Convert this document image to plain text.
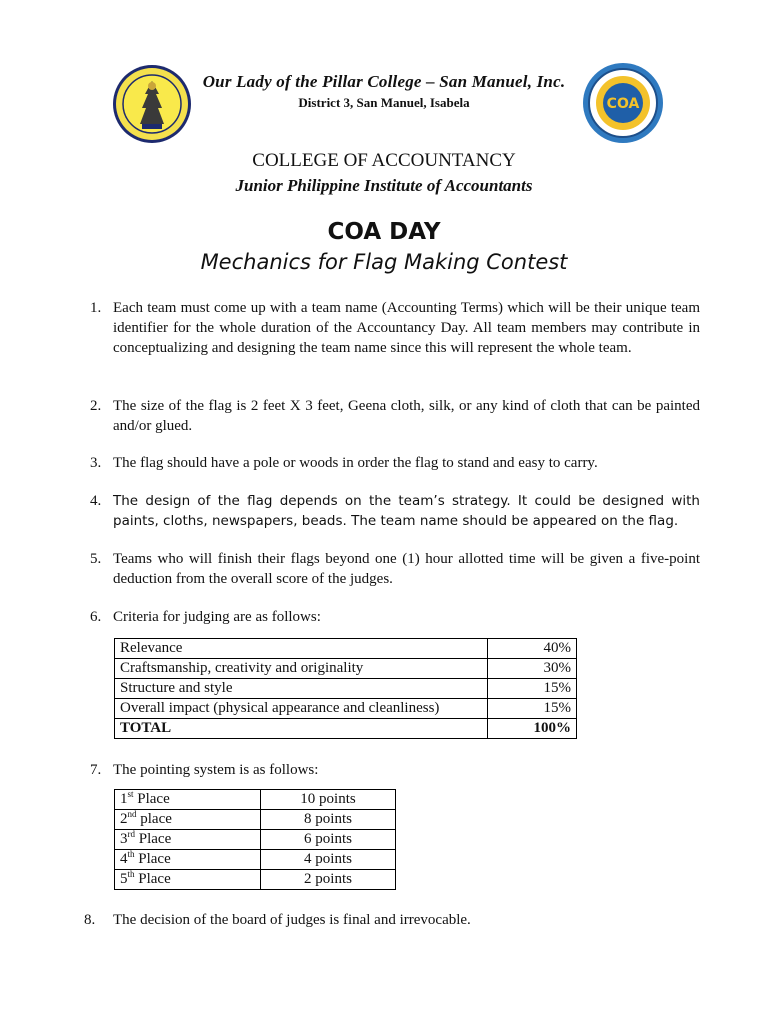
COA
Our Lady of the Pillar College – San Manuel, Inc.
District 3, San Manuel, Isabela
COLLEGE OF ACCOUNTANCY
Junior Philippine Institute of Accountants
COA DAY
Mechanics for Flag Making Contest
1. Each team must come up with a team name (Accounting Terms) which will be their unique team identifier for the whole duration of the Accountancy Day. All team members may contribute in conceptualizing and designing the team name since this will represent the whole team.
2. The size of the flag is 2 feet X 3 feet, Geena cloth, silk, or any kind of cloth that can be painted and/or glued.
3. The flag should have a pole or woods in order the flag to stand and easy to carry.
4. The design of the flag depends on the team’s strategy. It could be designed with paints, cloths, newspapers, beads. The team name should be appeared on the flag.
5. Teams who will finish their flags beyond one (1) hour allotted time will be given a five-point deduction from the overall score of the judges.
6. Criteria for judging are as follows:
Relevance	40%
Craftsmanship, creativity and originality	30%
Structure and style	15%
Overall impact (physical appearance and cleanliness)	15%
TOTAL	100%
7. The pointing system is as follows:
1st Place	10 points
2nd place	8 points
3rd Place	6 points
4th Place	4 points
5th Place	2 points
8.	The decision of the board of judges is final and irrevocable.
